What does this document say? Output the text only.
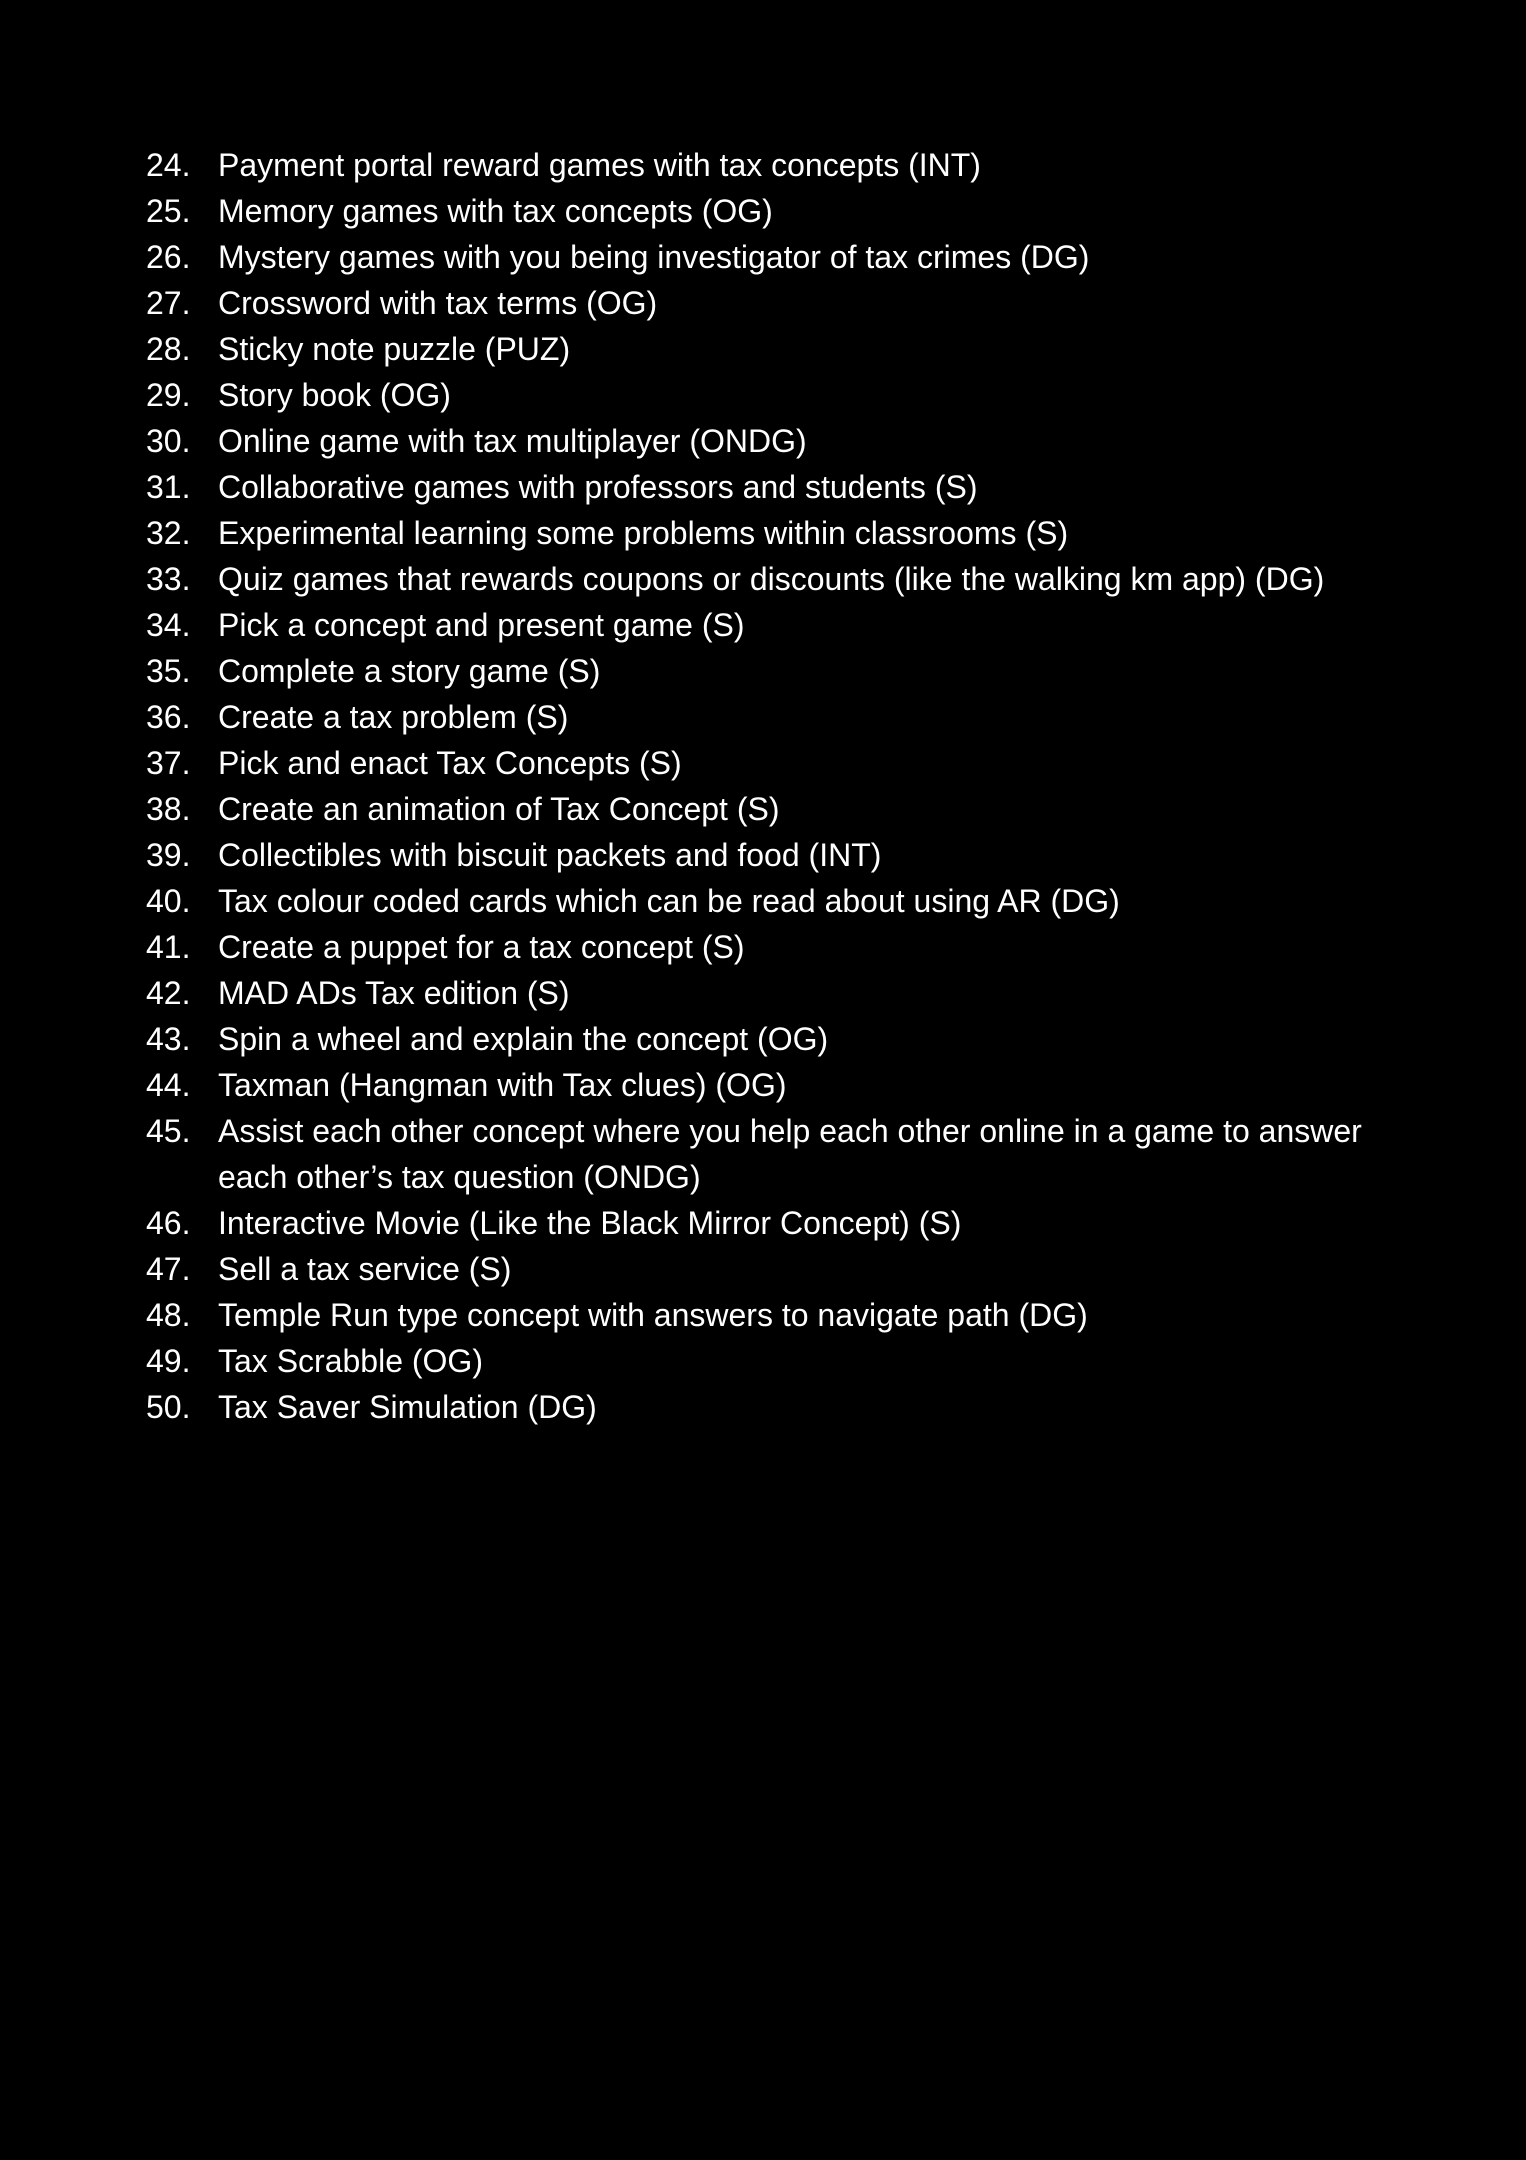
24. Payment portal reward games with tax concepts (INT)
25. Memory games with tax concepts (OG)
26. Mystery games with you being investigator of tax crimes (DG)
27. Crossword with tax terms (OG)
28. Sticky note puzzle (PUZ)
29. Story book (OG)
30. Online game with tax multiplayer (ONDG)
31. Collaborative games with professors and students (S)
32. Experimental learning some problems within classrooms (S)
33. Quiz games that rewards coupons or discounts (like the walking km app) (DG)
34. Pick a concept and present game (S)
35. Complete a story game (S)
36. Create a tax problem (S)
37. Pick and enact Tax Concepts (S)
38. Create an animation of Tax Concept (S)
39. Collectibles with biscuit packets and food (INT)
40. Tax colour coded cards which can be read about using AR (DG)
41. Create a puppet for a tax concept (S)
42. MAD ADs Tax edition (S)
43. Spin a wheel and explain the concept (OG)
44. Taxman (Hangman with Tax clues) (OG)
45. Assist each other concept where you help each other online in a game to answer each other’s tax question (ONDG)
46. Interactive Movie (Like the Black Mirror Concept) (S)
47. Sell a tax service (S)
48. Temple Run type concept with answers to navigate path (DG)
49. Tax Scrabble (OG)
50. Tax Saver Simulation (DG)
